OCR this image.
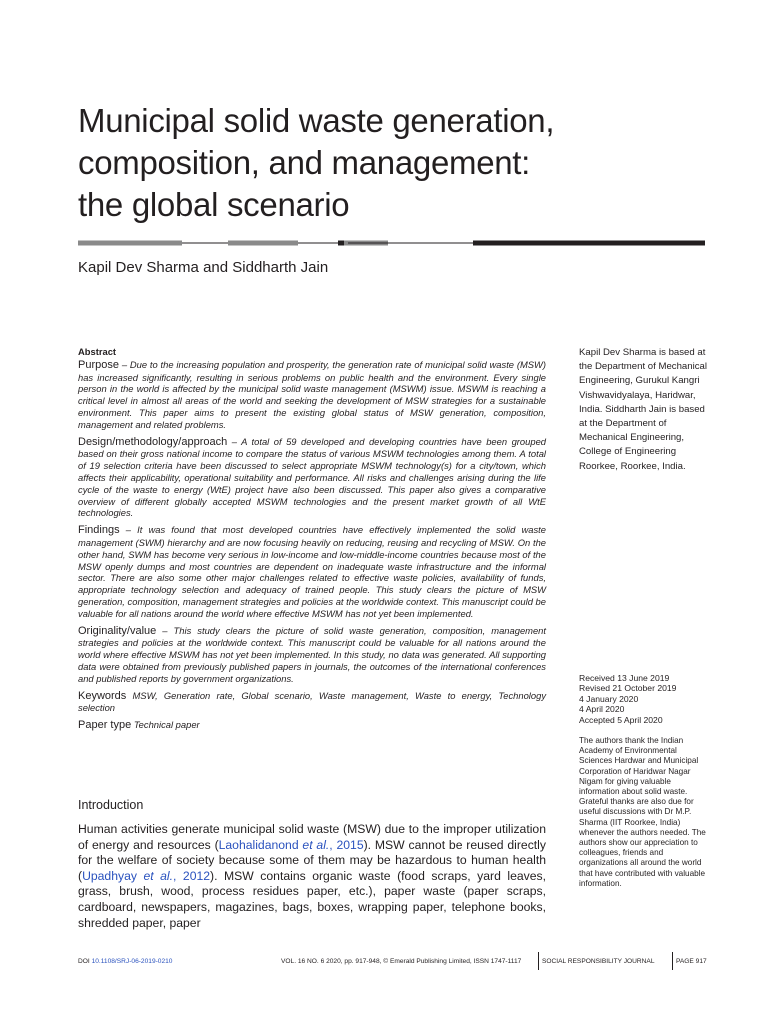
Municipal solid waste generation,
composition, and management:
the global scenario
Kapil Dev Sharma and Siddharth Jain
Abstract

Purpose – Due to the increasing population and prosperity, the generation rate of municipal solid waste (MSW) has increased significantly, resulting in serious problems on public health and the environment. Every single person in the world is affected by the municipal solid waste management (MSWM) issue. MSWM is reaching a critical level in almost all areas of the world and seeking the development of MSW strategies for a sustainable environment. This paper aims to present the existing global status of MSW generation, composition, management and related problems.

Design/methodology/approach – A total of 59 developed and developing countries have been grouped based on their gross national income to compare the status of various MSWM technologies among them. A total of 19 selection criteria have been discussed to select appropriate MSWM technology(s) for a city/town, which affects their applicability, operational suitability and performance. All risks and challenges arising during the life cycle of the waste to energy (WtE) project have also been discussed. This paper also gives a comparative overview of different globally accepted MSWM technologies and the present market growth of all WtE technologies.

Findings – It was found that most developed countries have effectively implemented the solid waste management (SWM) hierarchy and are now focusing heavily on reducing, reusing and recycling of MSW. On the other hand, SWM has become very serious in low-income and low-middle-income countries because most of the MSW openly dumps and most countries are dependent on inadequate waste infrastructure and the informal sector. There are also some other major challenges related to effective waste policies, availability of funds, appropriate technology selection and adequacy of trained people. This study clears the picture of MSW generation, composition, management strategies and policies at the worldwide context. This manuscript could be valuable for all nations around the world where effective MSWM has not yet been implemented.

Originality/value – This study clears the picture of solid waste generation, composition, management strategies and policies at the worldwide context. This manuscript could be valuable for all nations around the world where effective MSWM has not yet been implemented. In this study, no data was generated. All supporting data were obtained from previously published papers in journals, the outcomes of the international conferences and published reports by government organizations.

Keywords MSW, Generation rate, Global scenario, Waste management, Waste to energy, Technology selection

Paper type Technical paper

Introduction
Human activities generate municipal solid waste (MSW) due to the improper utilization of energy and resources (Laohalidanond et al., 2015). MSW cannot be reused directly for the welfare of society because some of them may be hazardous to human health (Upadhyay et al., 2012). MSW contains organic waste (food scraps, yard leaves, grass, brush, wood, process residues paper, etc.), paper waste (paper scraps, cardboard, newspapers, magazines, bags, boxes, wrapping paper, telephone books, shredded paper, paper
Kapil Dev Sharma is based at the Department of Mechanical Engineering, Gurukul Kangri Vishwavidyalaya, Haridwar, India. Siddharth Jain is based at the Department of Mechanical Engineering, College of Engineering Roorkee, Roorkee, India.
Received 13 June 2019
Revised 21 October 2019
4 January 2020
4 April 2020
Accepted 5 April 2020
The authors thank the Indian Academy of Environmental Sciences Hardwar and Municipal Corporation of Haridwar Nagar Nigam for giving valuable information about solid waste. Grateful thanks are also due for useful discussions with Dr M.P. Sharma (IIT Roorkee, India) whenever the authors needed. The authors show our appreciation to colleagues, friends and organizations all around the world that have contributed with valuable information.
DOI 10.1108/SRJ-06-2019-0210	VOL. 16 NO. 6 2020, pp. 917-948, © Emerald Publishing Limited, ISSN 1747-1117	SOCIAL RESPONSIBILITY JOURNAL	PAGE 917
